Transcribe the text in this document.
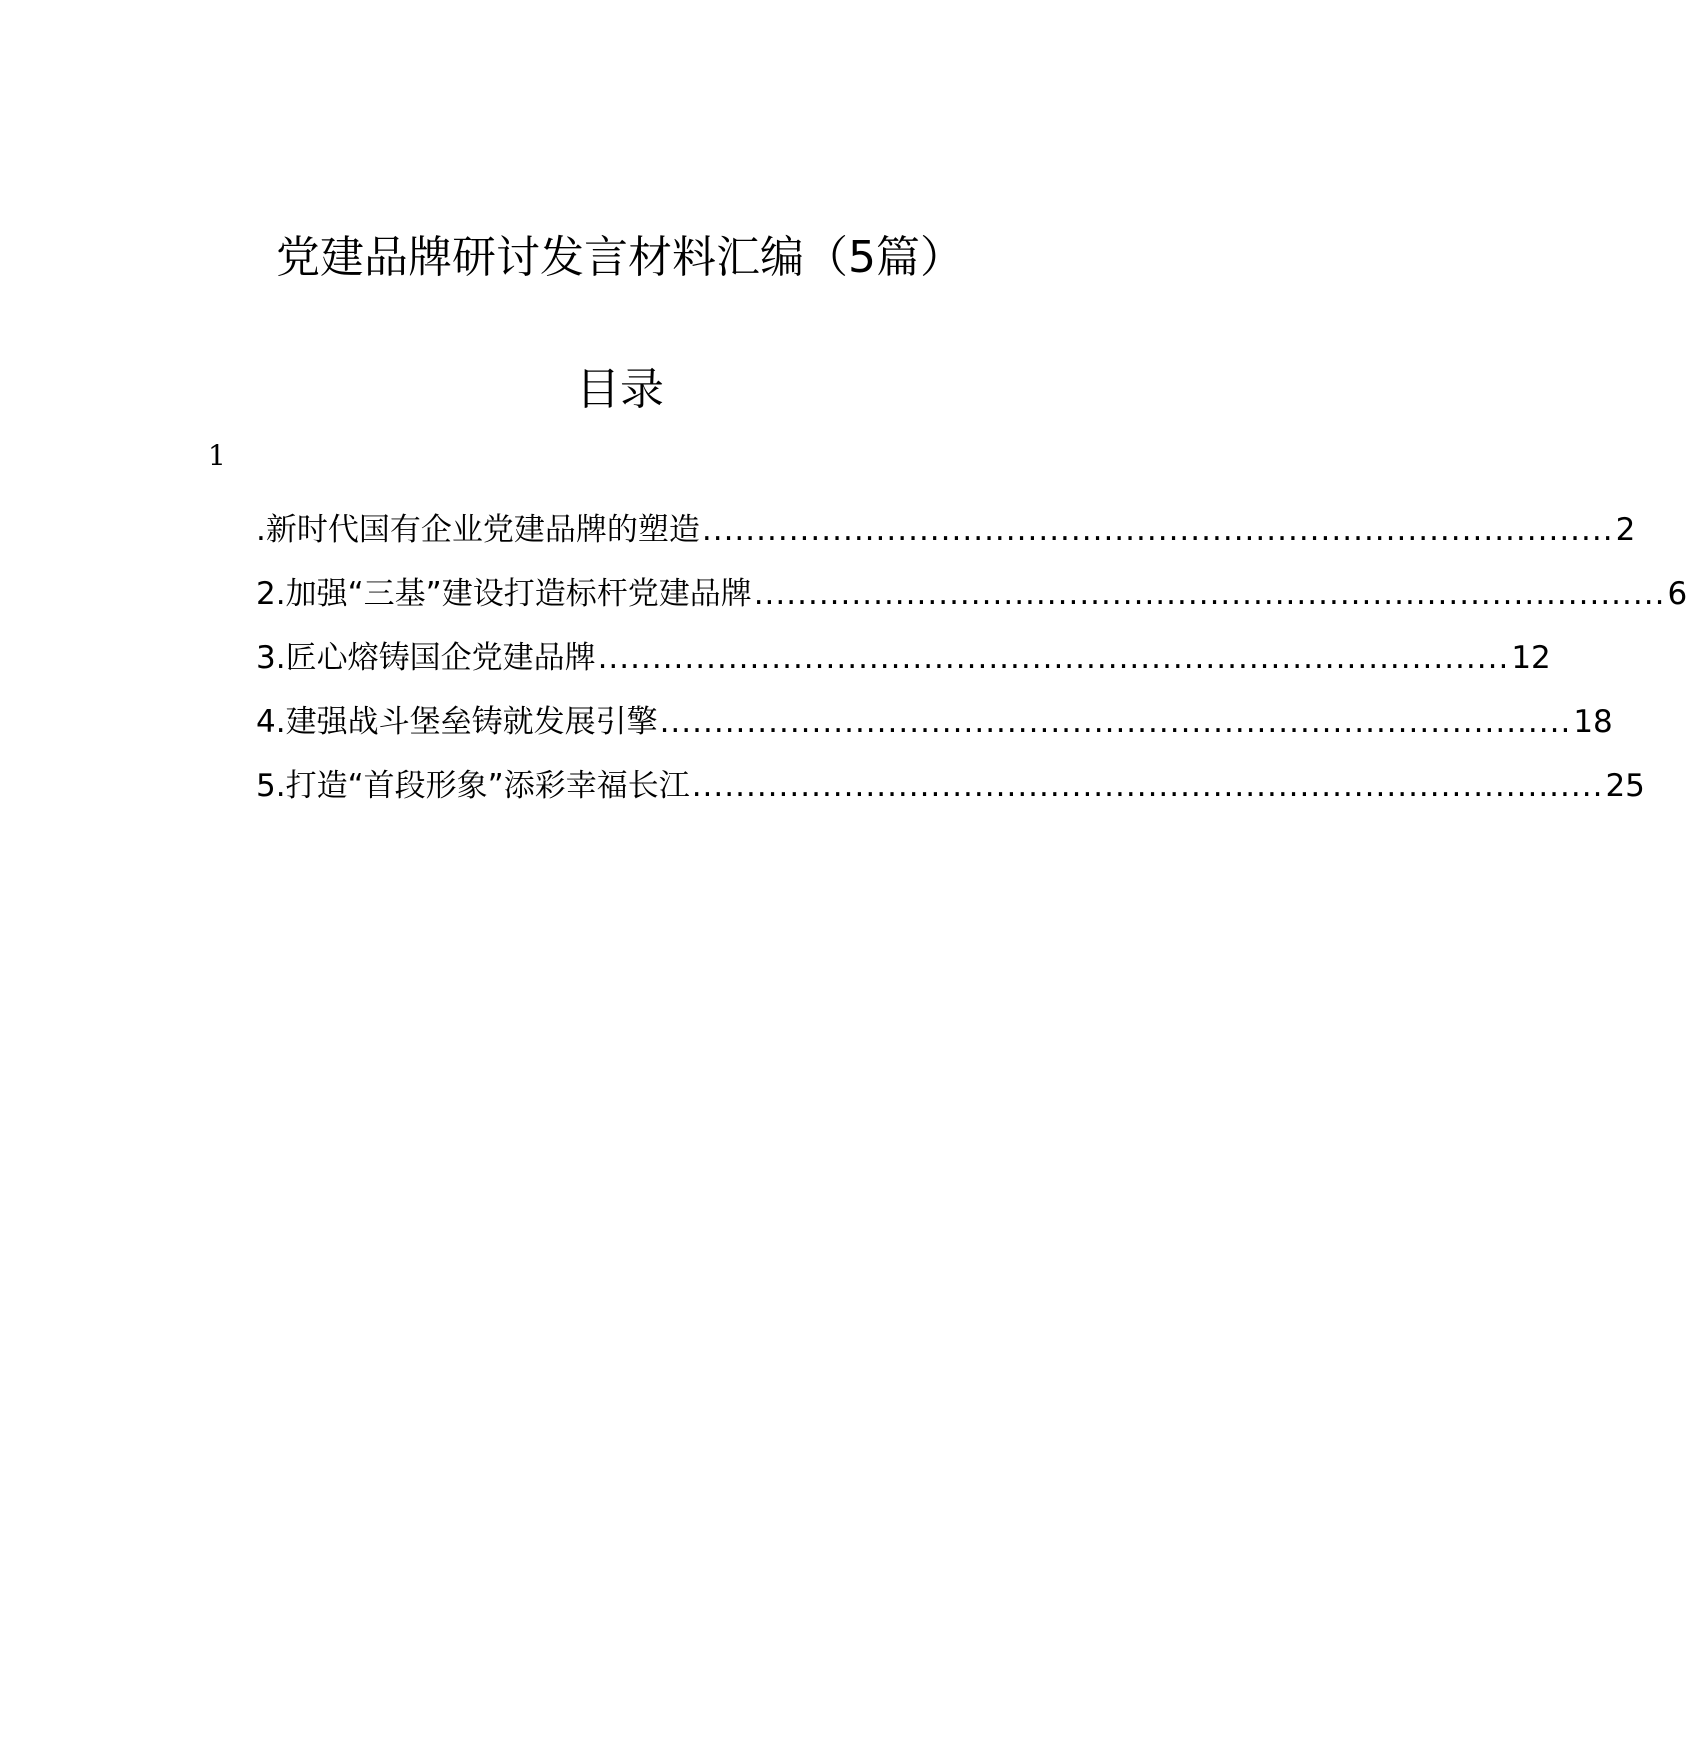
党建品牌研讨发言材料汇编（5篇）
目录
1
.新时代国有企业党建品牌的塑造 .................................................................................... 2
2.加强“三基”建设打造标杆党建品牌 .................................................................................... 6
3.匠心熔铸国企党建品牌 .................................................................................... 12
4.建强战斗堡垒铸就发展引擎 .................................................................................... 18
5.打造“首段形象”添彩幸福长江 .................................................................................... 25
